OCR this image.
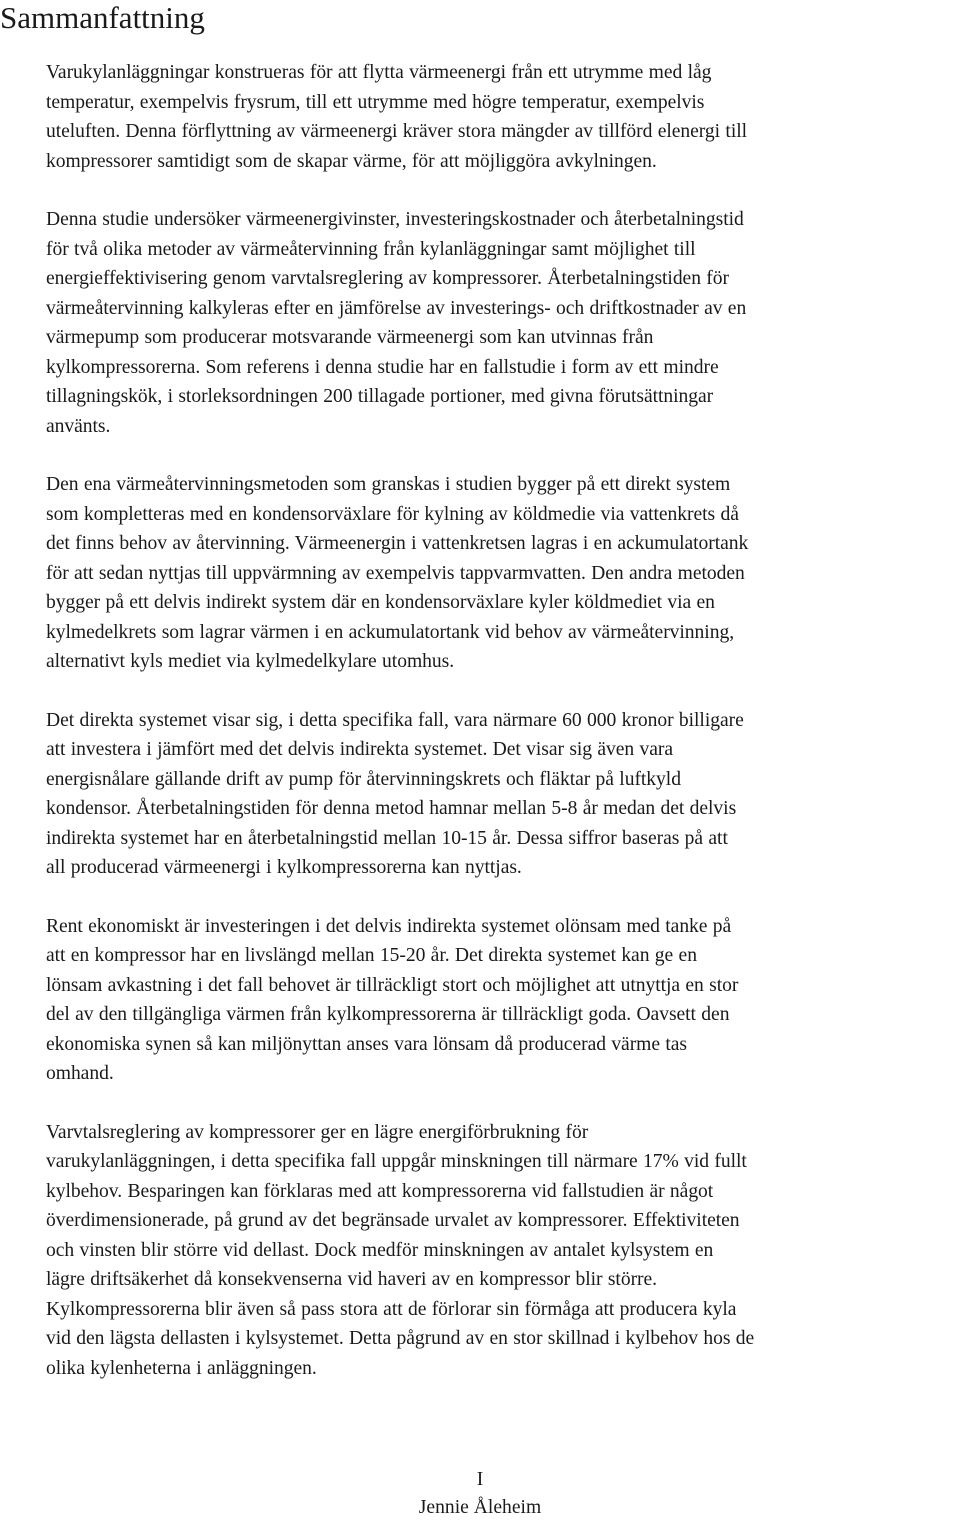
Sammanfattning

Varukylanläggningar konstrueras för att flytta värmeenergi från ett utrymme med låg
temperatur, exempelvis frysrum, till ett utrymme med högre temperatur, exempelvis
uteluften. Denna förflyttning av värmeenergi kräver stora mängder av tillförd elenergi till
kompressorer samtidigt som de skapar värme, för att möjliggöra avkylningen.

Denna studie undersöker värmeenergivinster, investeringskostnader och återbetalningstid
för två olika metoder av värmeåtervinning från kylanläggningar samt möjlighet till
energieffektivisering genom varvtalsreglering av kompressorer. Återbetalningstiden för
värmeåtervinning kalkyleras efter en jämförelse av investerings- och driftkostnader av en
värmepump som producerar motsvarande värmeenergi som kan utvinnas från
kylkompressorerna. Som referens i denna studie har en fallstudie i form av ett mindre
tillagningskök, i storleksordningen 200 tillagade portioner, med givna förutsättningar
använts.

Den ena värmeåtervinningsmetoden som granskas i studien bygger på ett direkt system
som kompletteras med en kondensorväxlare för kylning av köldmedie via vattenkrets då
det finns behov av återvinning. Värmeenergin i vattenkretsen lagras i en ackumulatortank
för att sedan nyttjas till uppvärmning av exempelvis tappvarmvatten. Den andra metoden
bygger på ett delvis indirekt system där en kondensorväxlare kyler köldmediet via en
kylmedelkrets som lagrar värmen i en ackumulatortank vid behov av värmeåtervinning,
alternativt kyls mediet via kylmedelkylare utomhus.

Det direkta systemet visar sig, i detta specifika fall, vara närmare 60 000 kronor billigare
att investera i jämfört med det delvis indirekta systemet. Det visar sig även vara
energisnålare gällande drift av pump för återvinningskrets och fläktar på luftkyld
kondensor. Återbetalningstiden för denna metod hamnar mellan 5-8 år medan det delvis
indirekta systemet har en återbetalningstid mellan 10-15 år. Dessa siffror baseras på att
all producerad värmeenergi i kylkompressorerna kan nyttjas.

Rent ekonomiskt är investeringen i det delvis indirekta systemet olönsam med tanke på
att en kompressor har en livslängd mellan 15-20 år. Det direkta systemet kan ge en
lönsam avkastning i det fall behovet är tillräckligt stort och möjlighet att utnyttja en stor
del av den tillgängliga värmen från kylkompressorerna är tillräckligt goda. Oavsett den
ekonomiska synen så kan miljönyttan anses vara lönsam då producerad värme tas
omhand.

Varvtalsreglering av kompressorer ger en lägre energiförbrukning för
varukylanläggningen, i detta specifika fall uppgår minskningen till närmare 17% vid fullt
kylbehov. Besparingen kan förklaras med att kompressorerna vid fallstudien är något
överdimensionerade, på grund av det begränsade urvalet av kompressorer. Effektiviteten
och vinsten blir större vid dellast. Dock medför minskningen av antalet kylsystem en
lägre driftsäkerhet då konsekvenserna vid haveri av en kompressor blir större.
Kylkompressorerna blir även så pass stora att de förlorar sin förmåga att producera kyla
vid den lägsta dellasten i kylsystemet. Detta pågrund av en stor skillnad i kylbehov hos de
olika kylenheterna i anläggningen.

I
Jennie Åleheim
